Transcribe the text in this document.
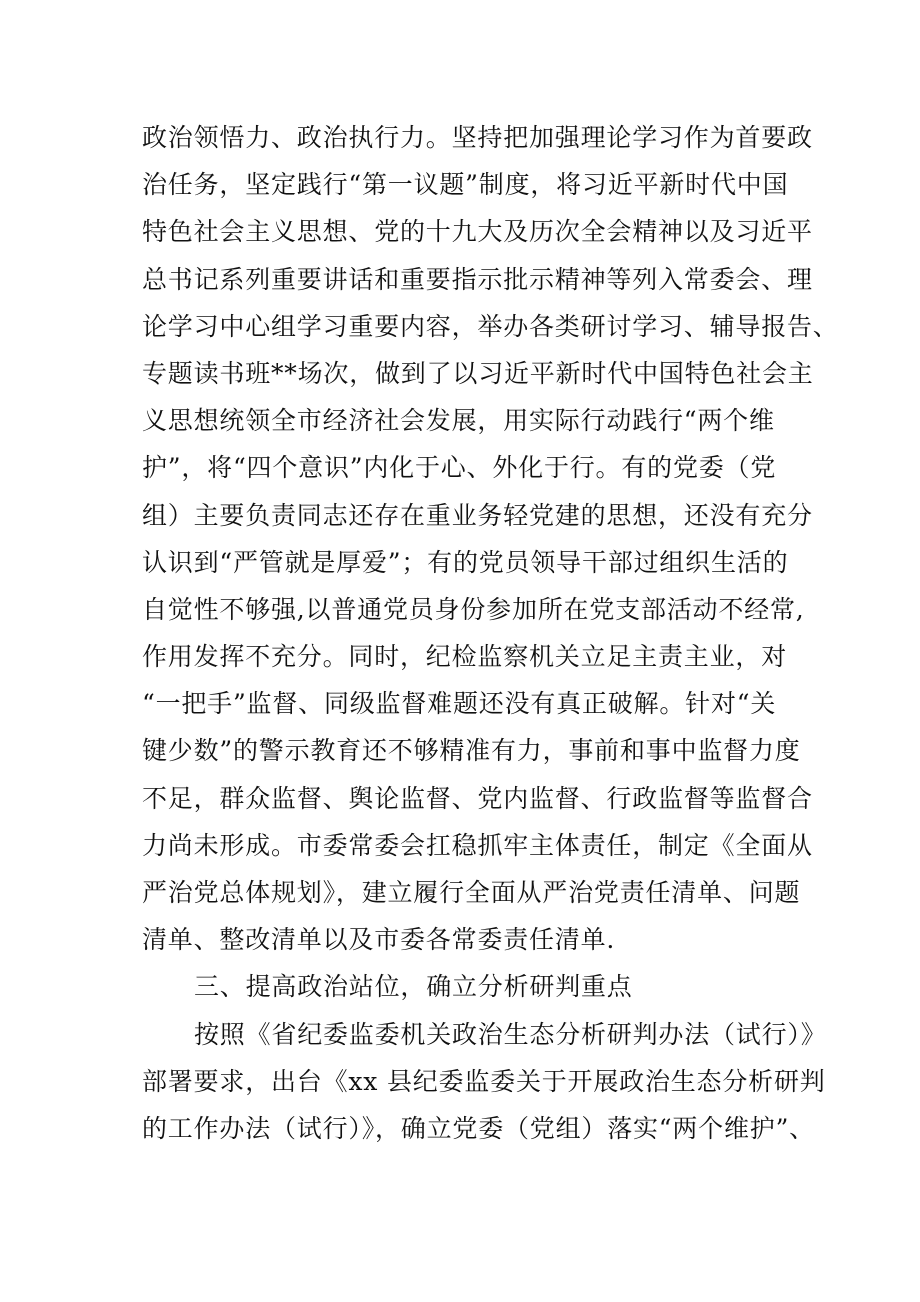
政治领悟力、政治执行力。坚持把加强理论学习作为首要政
治任务，坚定践行“第一议题”制度，将习近平新时代中国
特色社会主义思想、党的十九大及历次全会精神以及习近平
总书记系列重要讲话和重要指示批示精神等列入常委会、理
论学习中心组学习重要内容，举办各类研讨学习、辅导报告、
专题读书班**场次，做到了以习近平新时代中国特色社会主
义思想统领全市经济社会发展，用实际行动践行“两个维
护”，将“四个意识”内化于心、外化于行。有的党委（党
组）主要负责同志还存在重业务轻党建的思想，还没有充分
认识到“严管就是厚爱”；有的党员领导干部过组织生活的
自觉性不够强,以普通党员身份参加所在党支部活动不经常,
作用发挥不充分。同时，纪检监察机关立足主责主业，对
“一把手”监督、同级监督难题还没有真正破解。针对“关
键少数”的警示教育还不够精准有力，事前和事中监督力度
不足，群众监督、舆论监督、党内监督、行政监督等监督合
力尚未形成。市委常委会扛稳抓牢主体责任，制定《全面从
严治党总体规划》，建立履行全面从严治党责任清单、问题
清单、整改清单以及市委各常委责任清单.
三、提高政治站位，确立分析研判重点
按照《省纪委监委机关政治生态分析研判办法（试行）》
部署要求，出台《xx 县纪委监委关于开展政治生态分析研判
的工作办法（试行）》，确立党委（党组）落实“两个维护”、
